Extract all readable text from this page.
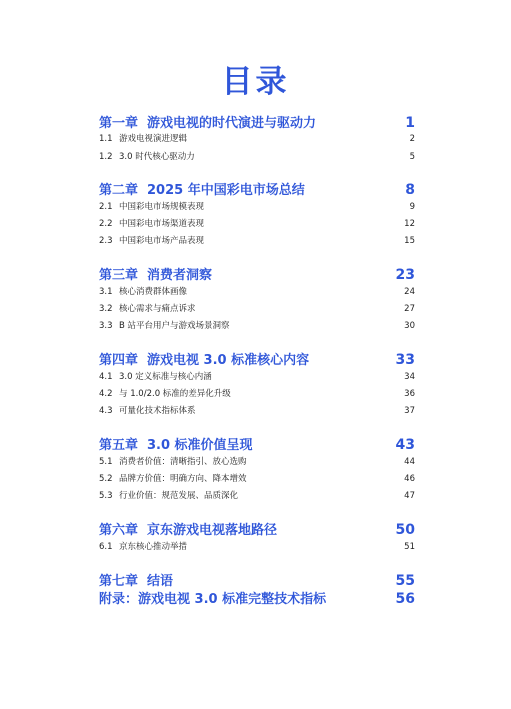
目录
第一章 游戏电视的时代演进与驱动力	1
1.1 游戏电视演进逻辑	2
1.2 3.0 时代核心驱动力	5
第二章 2025 年中国彩电市场总结	8
2.1 中国彩电市场规模表现	9
2.2 中国彩电市场渠道表现	12
2.3 中国彩电市场产品表现	15
第三章 消费者洞察	23
3.1 核心消费群体画像	24
3.2 核心需求与痛点诉求	27
3.3 B 站平台用户与游戏场景洞察	30
第四章 游戏电视 3.0 标准核心内容	33
4.1 3.0 定义标准与核心内涵	34
4.2 与 1.0/2.0 标准的差异化升级	36
4.3 可量化技术指标体系	37
第五章 3.0 标准价值呈现	43
5.1 消费者价值：清晰指引、放心选购	44
5.2 品牌方价值：明确方向、降本增效	46
5.3 行业价值：规范发展、品质深化	47
第六章 京东游戏电视落地路径	50
6.1 京东核心推动举措	51
第七章 结语	55
附录：游戏电视 3.0 标准完整技术指标	56
